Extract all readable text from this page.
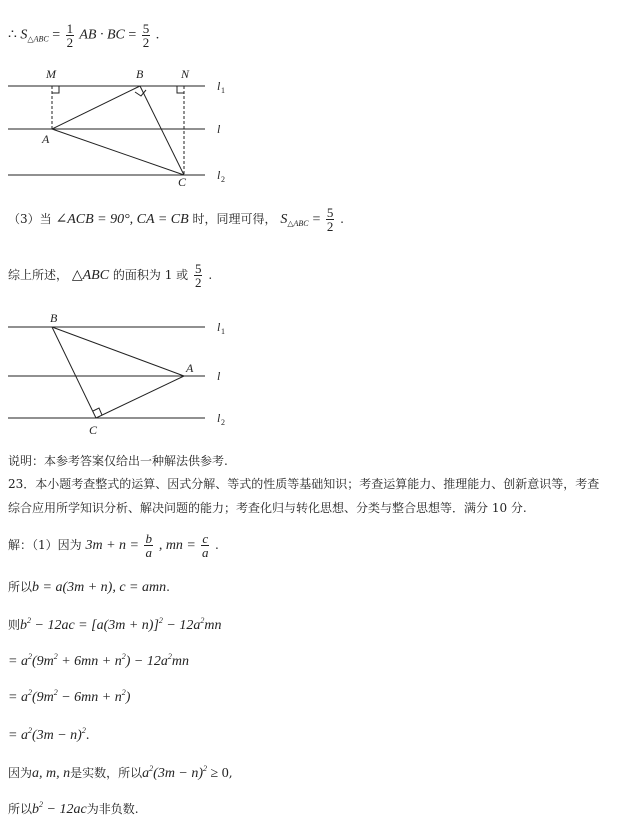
∴ $S_{\triangle ABC} = \frac{1}{2}$ AB · BC = $\frac{5}{2}$ .
M	B	N
A
C
l 1
l
l 2
（3）当 ∠ACB = 90°, CA = CB 时，同理可得， $S_{\triangle ABC} = \frac{5}{2}$ .
综上所述， △ABC 的面积为 1 或 $\frac{5}{2}$ .
B
A
C
l 1
l
l 2
说明：本参考答案仅给出一种解法供参考.
23．本小题考查整式的运算、因式分解、等式的性质等基础知识；考查运算能力、推理能力、创新意识等，考查综合应用所学知识分析、解决问题的能力；考查化归与转化思想、分类与整合思想等．满分 10 分.
解：（1）因为 $3m + n = \frac{b}{a}$ , mn = $\frac{c}{a}$ .
所以b = a(3m + n), c = amn.
则$b^2 - 12ac = [a(3m + n)]^2 - 12a^2mn$
= $a^2(9m^2 + 6mn + n^2) - 12a^2mn$
= $a^2(9m^2 - 6mn + n^2)$
= $a^2(3m - n)^2$.
因为a, m, n是实数，所以$a^2(3m - n)^2 \ge 0$,
所以$b^2 - 12ac$为非负数.
